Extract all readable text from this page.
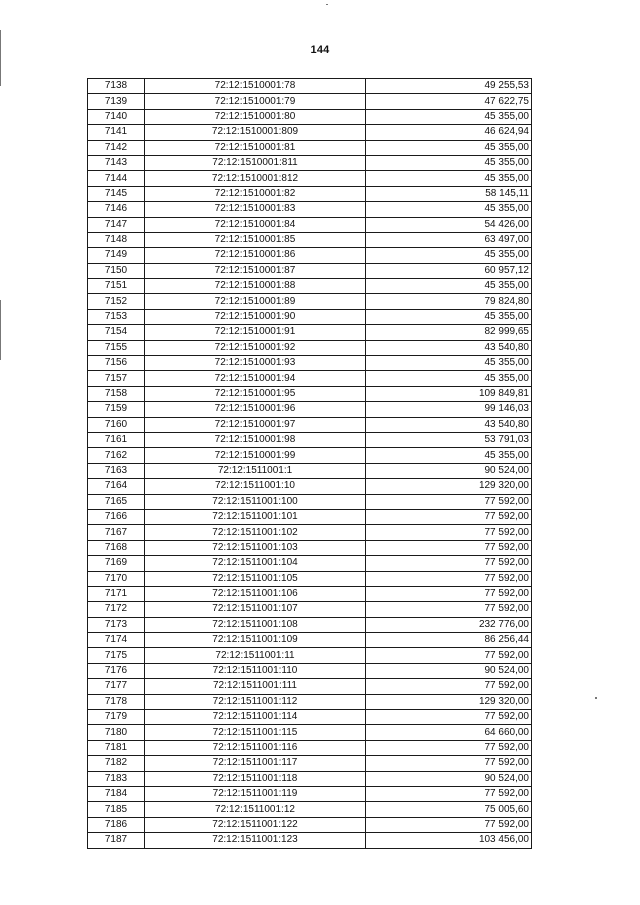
144
7138	72:12:1510001:78	49 255,53
7139	72:12:1510001:79	47 622,75
7140	72:12:1510001:80	45 355,00
7141	72:12:1510001:809	46 624,94
7142	72:12:1510001:81	45 355,00
7143	72:12:1510001:811	45 355,00
7144	72:12:1510001:812	45 355,00
7145	72:12:1510001:82	58 145,11
7146	72:12:1510001:83	45 355,00
7147	72:12:1510001:84	54 426,00
7148	72:12:1510001:85	63 497,00
7149	72:12:1510001:86	45 355,00
7150	72:12:1510001:87	60 957,12
7151	72:12:1510001:88	45 355,00
7152	72:12:1510001:89	79 824,80
7153	72:12:1510001:90	45 355,00
7154	72:12:1510001:91	82 999,65
7155	72:12:1510001:92	43 540,80
7156	72:12:1510001:93	45 355,00
7157	72:12:1510001:94	45 355,00
7158	72:12:1510001:95	109 849,81
7159	72:12:1510001:96	99 146,03
7160	72:12:1510001:97	43 540,80
7161	72:12:1510001:98	53 791,03
7162	72:12:1510001:99	45 355,00
7163	72:12:1511001:1	90 524,00
7164	72:12:1511001:10	129 320,00
7165	72:12:1511001:100	77 592,00
7166	72:12:1511001:101	77 592,00
7167	72:12:1511001:102	77 592,00
7168	72:12:1511001:103	77 592,00
7169	72:12:1511001:104	77 592,00
7170	72:12:1511001:105	77 592,00
7171	72:12:1511001:106	77 592,00
7172	72:12:1511001:107	77 592,00
7173	72:12:1511001:108	232 776,00
7174	72:12:1511001:109	86 256,44
7175	72:12:1511001:11	77 592,00
7176	72:12:1511001:110	90 524,00
7177	72:12:1511001:111	77 592,00
7178	72:12:1511001:112	129 320,00
7179	72:12:1511001:114	77 592,00
7180	72:12:1511001:115	64 660,00
7181	72:12:1511001:116	77 592,00
7182	72:12:1511001:117	77 592,00
7183	72:12:1511001:118	90 524,00
7184	72:12:1511001:119	77 592,00
7185	72:12:1511001:12	75 005,60
7186	72:12:1511001:122	77 592,00
7187	72:12:1511001:123	103 456,00
